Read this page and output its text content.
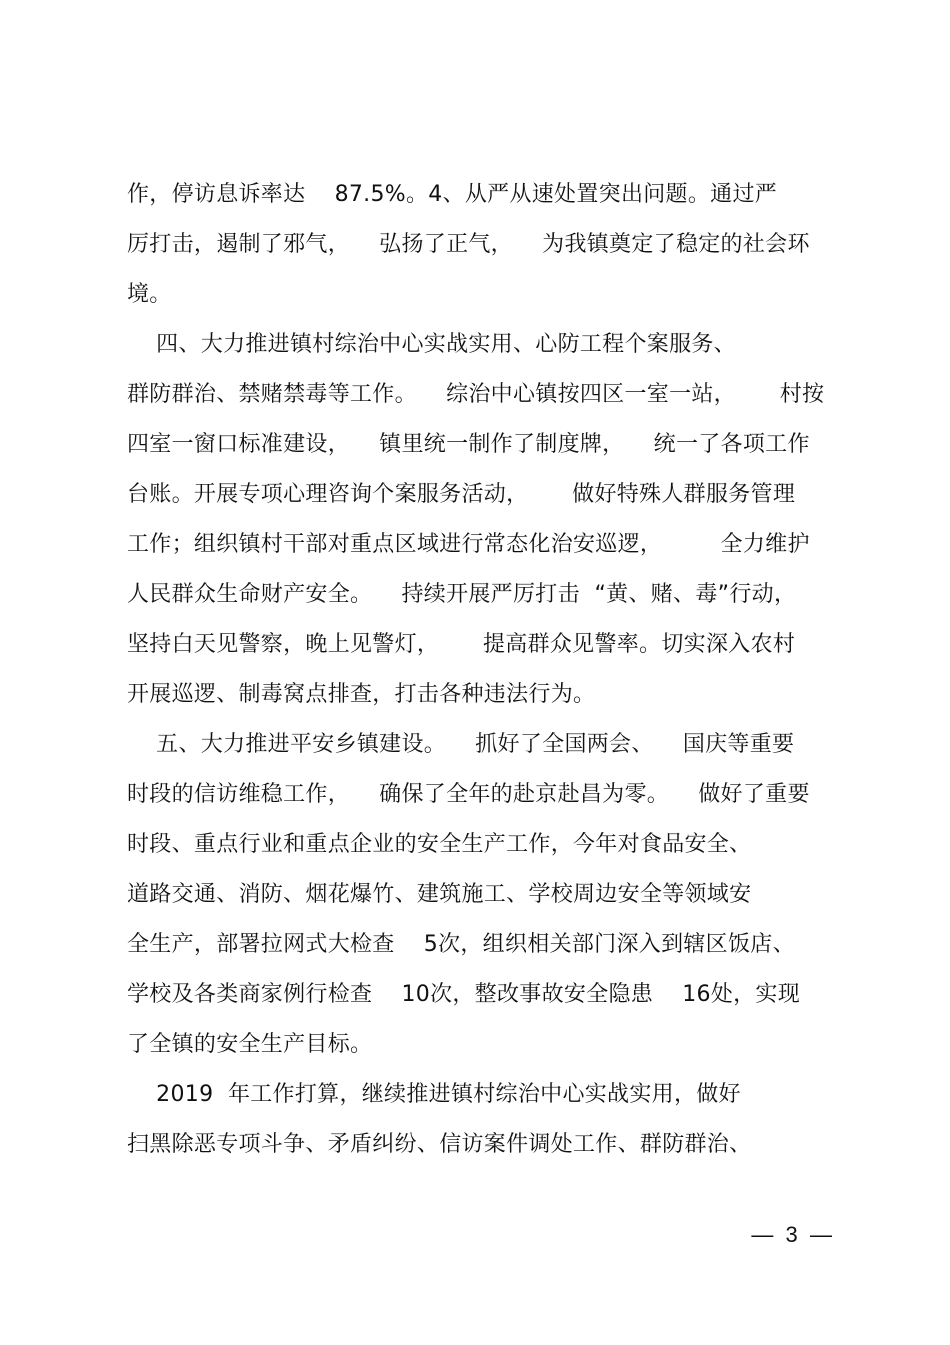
作，停访息诉率达    87.5%。4、从严从速处置突出问题。通过严
厉打击，遏制了邪气，    弘扬了正气，    为我镇奠定了稳定的社会环
境。
四、大力推进镇村综治中心实战实用、心防工程个案服务、
群防群治、禁赌禁毒等工作。    综治中心镇按四区一室一站，      村按
四室一窗口标准建设，    镇里统一制作了制度牌，    统一了各项工作
台账。开展专项心理咨询个案服务活动，      做好特殊人群服务管理
工作；组织镇村干部对重点区域进行常态化治安巡逻，        全力维护
人民群众生命财产安全。    持续开展严厉打击  “黄、赌、毒”行动，
坚持白天见警察，晚上见警灯，      提高群众见警率。切实深入农村
开展巡逻、制毒窝点排查，打击各种违法行为。
五、大力推进平安乡镇建设。    抓好了全国两会、    国庆等重要
时段的信访维稳工作，    确保了全年的赴京赴昌为零。    做好了重要
时段、重点行业和重点企业的安全生产工作，今年对食品安全、
道路交通、消防、烟花爆竹、建筑施工、学校周边安全等领域安
全生产，部署拉网式大检查    5次，组织相关部门深入到辖区饭店、
学校及各类商家例行检查    10次，整改事故安全隐患    16处，实现
了全镇的安全生产目标。
2019  年工作打算，继续推进镇村综治中心实战实用，做好
扫黑除恶专项斗争、矛盾纠纷、信访案件调处工作、群防群治、
—  3  —
